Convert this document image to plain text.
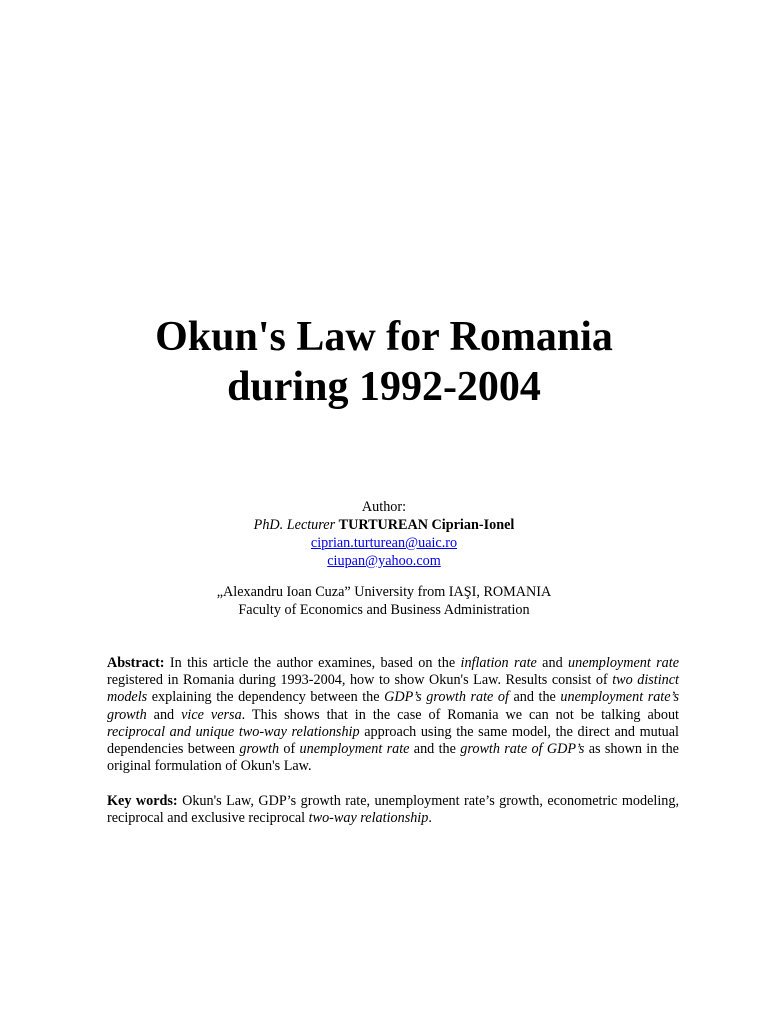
Okun's Law for Romania
during 1992-2004
Author:
PhD. Lecturer TURTUREAN Ciprian-Ionel
ciprian.turturean@uaic.ro
ciupan@yahoo.com
„Alexandru Ioan Cuza” University from IAŞI, ROMANIA
Faculty of Economics and Business Administration

Abstract: In this article the author examines, based on the inflation rate and unemployment rate registered in Romania during 1993-2004, how to show Okun's Law. Results consist of two distinct models explaining the dependency between the GDP’s growth rate of and the unemployment rate’s growth and vice versa. This shows that in the case of Romania we can not be talking about reciprocal and unique two-way relationship approach using the same model, the direct and mutual dependencies between growth of unemployment rate and the growth rate of GDP’s as shown in the original formulation of Okun's Law.

Key words: Okun's Law, GDP’s growth rate, unemployment rate’s growth, econometric modeling, reciprocal and exclusive reciprocal two-way relationship.
